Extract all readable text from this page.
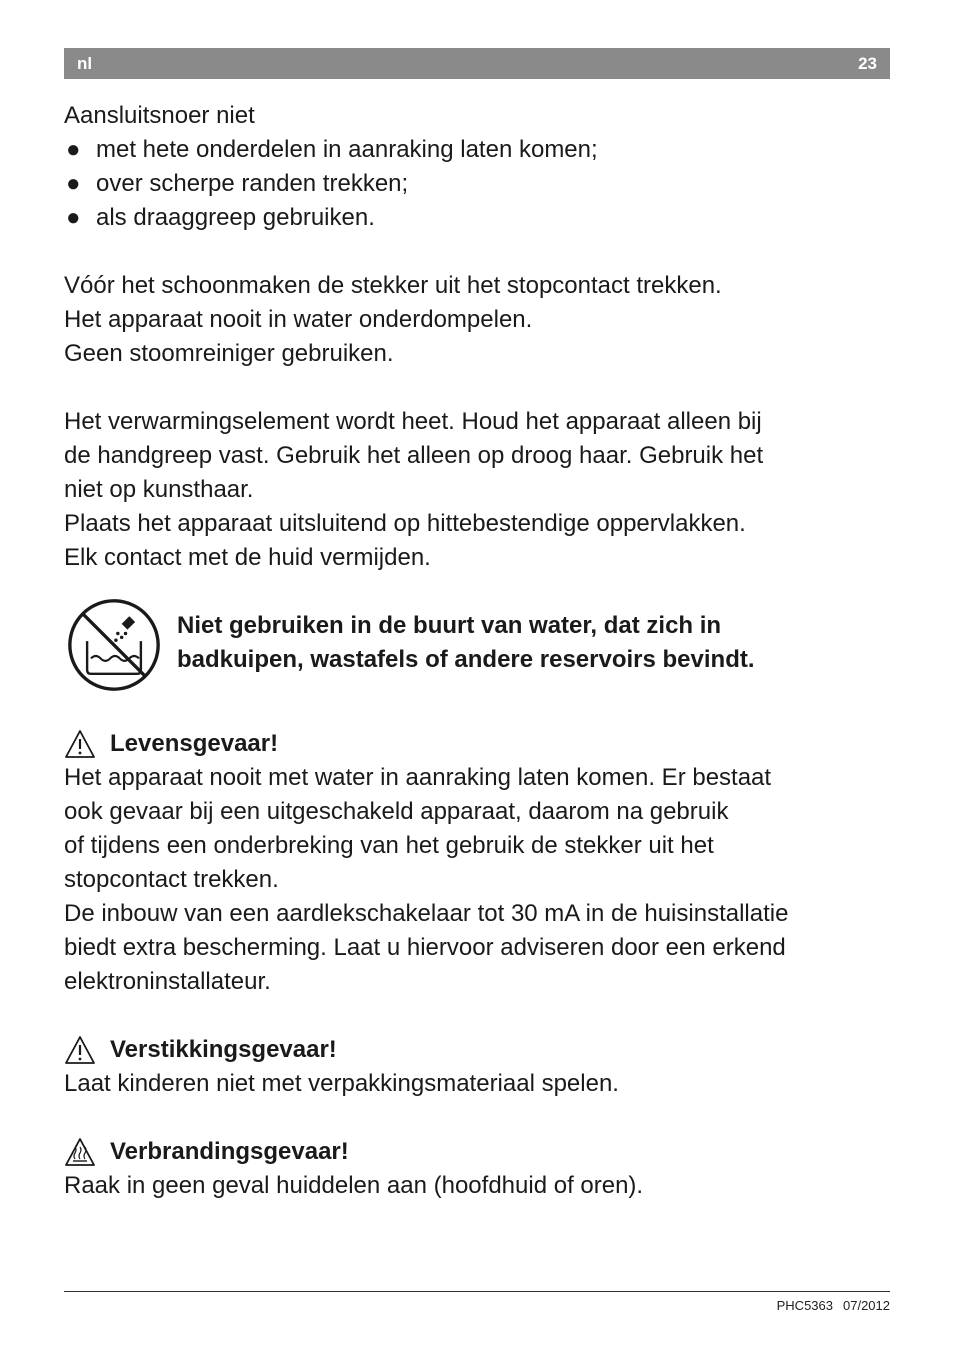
nl	23

Aansluitsnoer niet

● met hete onderdelen in aanraking laten komen;
● over scherpe randen trekken;
● als draaggreep gebruiken.

Vóór het schoonmaken de stekker uit het stopcontact trekken.

Het apparaat nooit in water onderdompelen.

Geen stoomreiniger gebruiken.

Het verwarmingselement wordt heet. Houd het apparaat alleen bij

de handgreep vast. Gebruik het alleen op droog haar. Gebruik het

niet op kunsthaar.

Plaats het apparaat uitsluitend op hittebestendige oppervlakken.

Elk contact met de huid vermijden.

Niet gebruiken in de buurt van water, dat zich in
badkuipen, wastafels of andere reservoirs bevindt.
Levensgevaar!

Het apparaat nooit met water in aanraking laten komen. Er bestaat

ook gevaar bij een uitgeschakeld apparaat, daarom na gebruik

of tijdens een onderbreking van het gebruik de stekker uit het

stopcontact trekken.

De inbouw van een aardlekschakelaar tot 30 mA in de huisinstallatie

biedt extra bescherming. Laat u hiervoor adviseren door een erkend

elektroninstallateur.

Verstikkingsgevaar!

Laat kinderen niet met verpakkingsmateriaal spelen.

Verbrandingsgevaar!

Raak in geen geval huiddelen aan (hoofdhuid of oren).

PHC5363 07/2012
